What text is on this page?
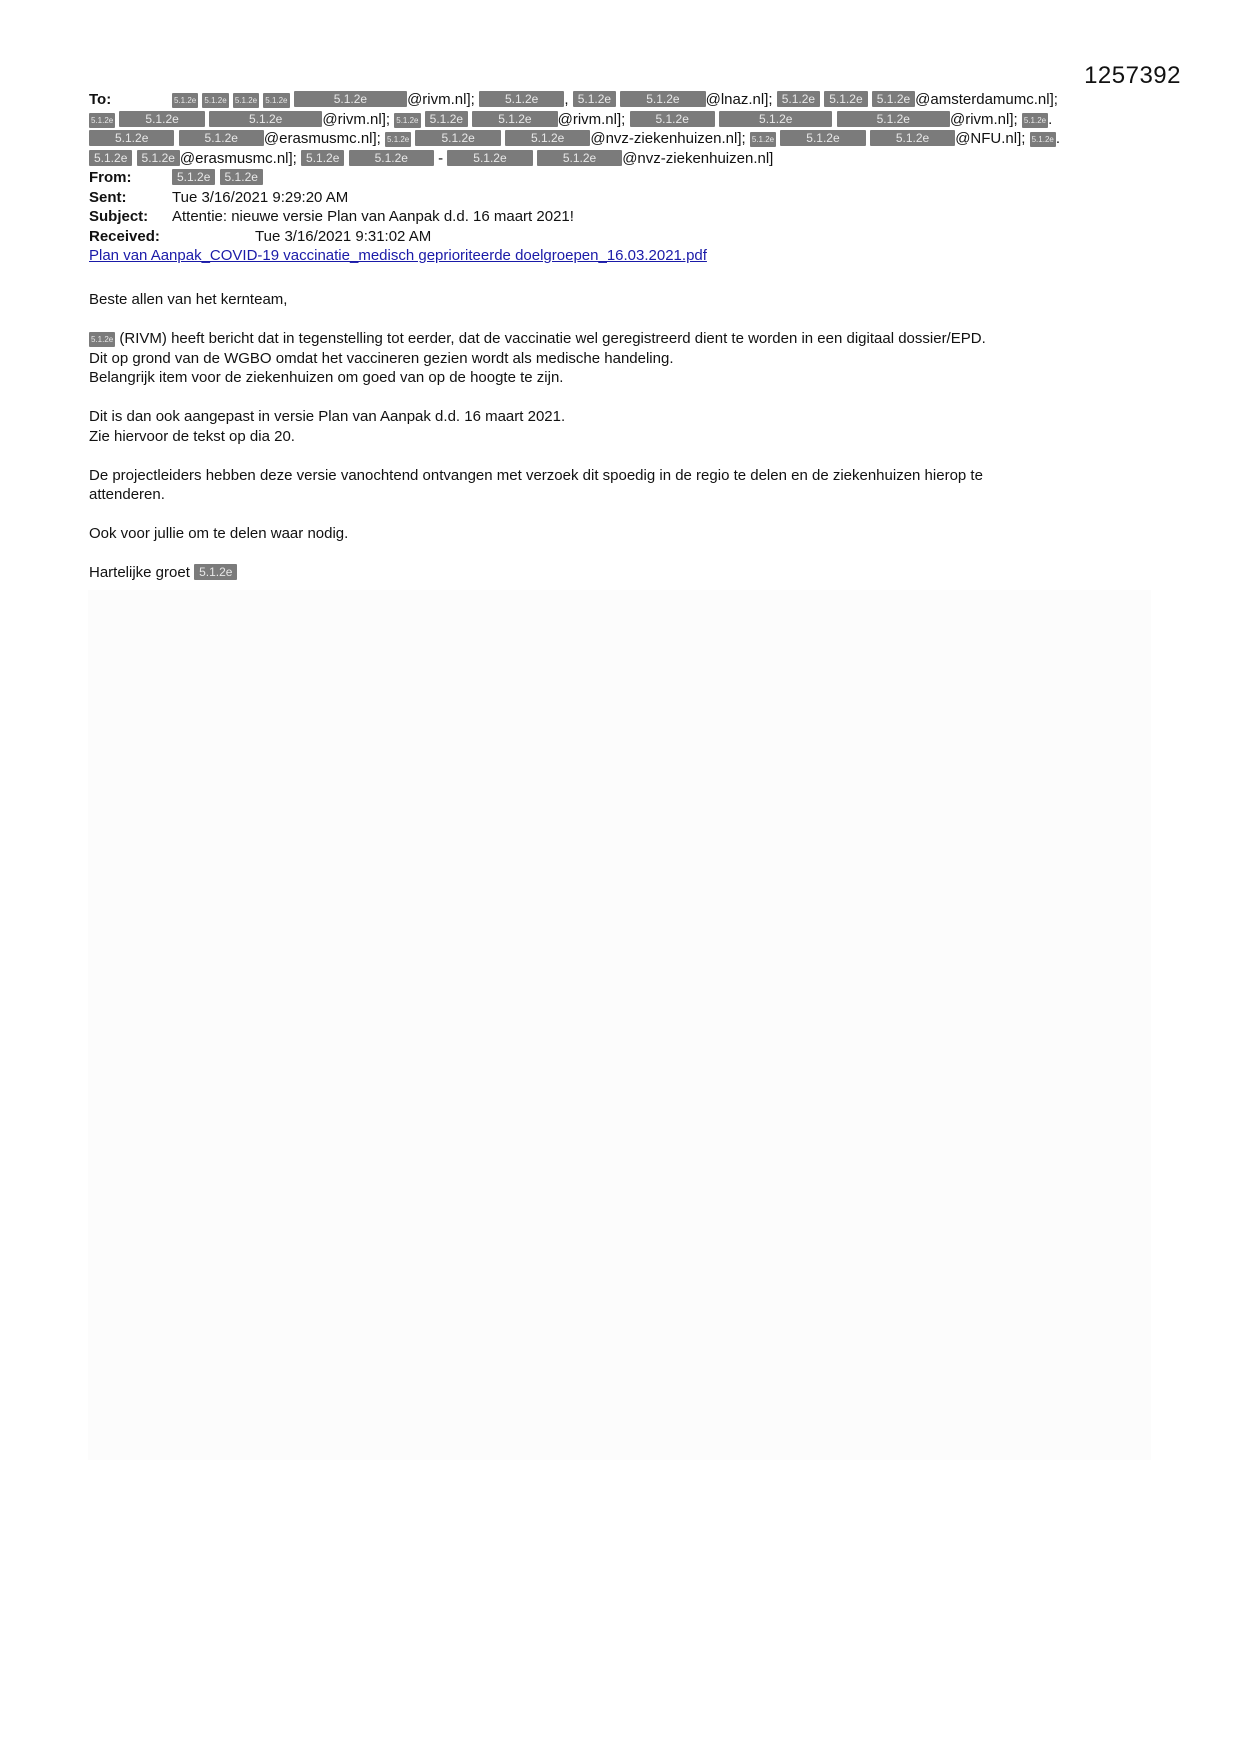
1257392
To:	5.1.2e 5.1.2e 5.1.2e 5.1.2e	5.1.2e	@rivm.nl];	5.1.2e , 5.1.2e	5.1.2e @lnaz.nl]; 5.1.2e 5.1.2e 5.1.2e @amsterdamumc.nl];
5.1.2e	5.1.2e	5.1.2e	@rivm.nl]; 5.1.2e 5.1.2e	5.1.2e @rivm.nl];	5.1.2e	5.1.2e	5.1.2e	@rivm.nl]; 5.1.2e .
5.1.2e	5.1.2e @erasmusmc.nl]; 5.1.2e	5.1.2e	5.1.2e @nvz-ziekenhuizen.nl]; 5.1.2e	5.1.2e	5.1.2e @NFU.nl]; 5.1.2e .
5.1.2e 5.1.2e @erasmusmc.nl]; 5.1.2e	5.1.2e -	5.1.2e	5.1.2e @nvz-ziekenhuizen.nl]
From:	5.1.2e 5.1.2e
Sent:	Tue 3/16/2021 9:29:20 AM
Subject: Attentie: nieuwe versie Plan van Aanpak d.d. 16 maart 2021!
Received:	Tue 3/16/2021 9:31:02 AM
Plan van Aanpak_COVID-19 vaccinatie_medisch geprioriteerde doelgroepen_16.03.2021.pdf

Beste allen van het kernteam,

5.1.2e (RIVM) heeft bericht dat in tegenstelling tot eerder, dat de vaccinatie wel geregistreerd dient te worden in een digitaal dossier/EPD.
Dit op grond van de WGBO omdat het vaccineren gezien wordt als medische handeling.
Belangrijk item voor de ziekenhuizen om goed van op de hoogte te zijn.

Dit is dan ook aangepast in versie Plan van Aanpak d.d. 16 maart 2021.
Zie hiervoor de tekst op dia 20.

De projectleiders hebben deze versie vanochtend ontvangen met verzoek dit spoedig in de regio te delen en de ziekenhuizen hierop te
attenderen.

Ook voor jullie om te delen waar nodig.

Hartelijke groet 5.1.2e
